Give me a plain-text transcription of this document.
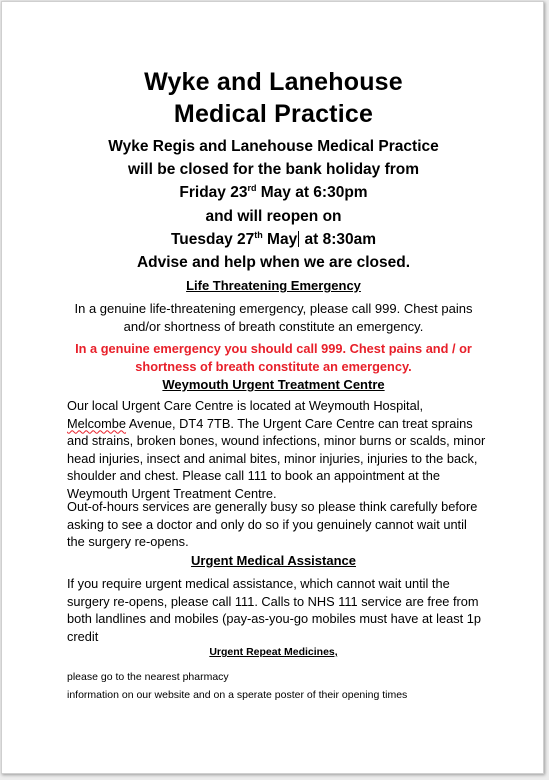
Wyke and Lanehouse
Medical Practice
Wyke Regis and Lanehouse Medical Practice
will be closed for the bank holiday from
Friday 23rd May at 6:30pm
and will reopen on
Tuesday 27th May at 8:30am
Advise and help when we are closed.
Life Threatening Emergency
In a genuine life-threatening emergency, please call 999. Chest pains
and/or shortness of breath constitute an emergency.
In a genuine emergency you should call 999. Chest pains and / or
shortness of breath constitute an emergency.
Weymouth Urgent Treatment Centre
Our local Urgent Care Centre is located at Weymouth Hospital,
Melcombe Avenue, DT4 7TB. The Urgent Care Centre can treat sprains
and strains, broken bones, wound infections, minor burns or scalds, minor
head injuries, insect and animal bites, minor injuries, injuries to the back,
shoulder and chest. Please call 111 to book an appointment at the
Weymouth Urgent Treatment Centre.
Out-of-hours services are generally busy so please think carefully before
asking to see a doctor and only do so if you genuinely cannot wait until
the surgery re-opens.
Urgent Medical Assistance
If you require urgent medical assistance, which cannot wait until the
surgery re-opens, please call 111. Calls to NHS 111 service are free from
both landlines and mobiles (pay-as-you-go mobiles must have at least 1p
credit
Urgent Repeat Medicines,
please go to the nearest pharmacy
information on our website and on a sperate poster of their opening times
